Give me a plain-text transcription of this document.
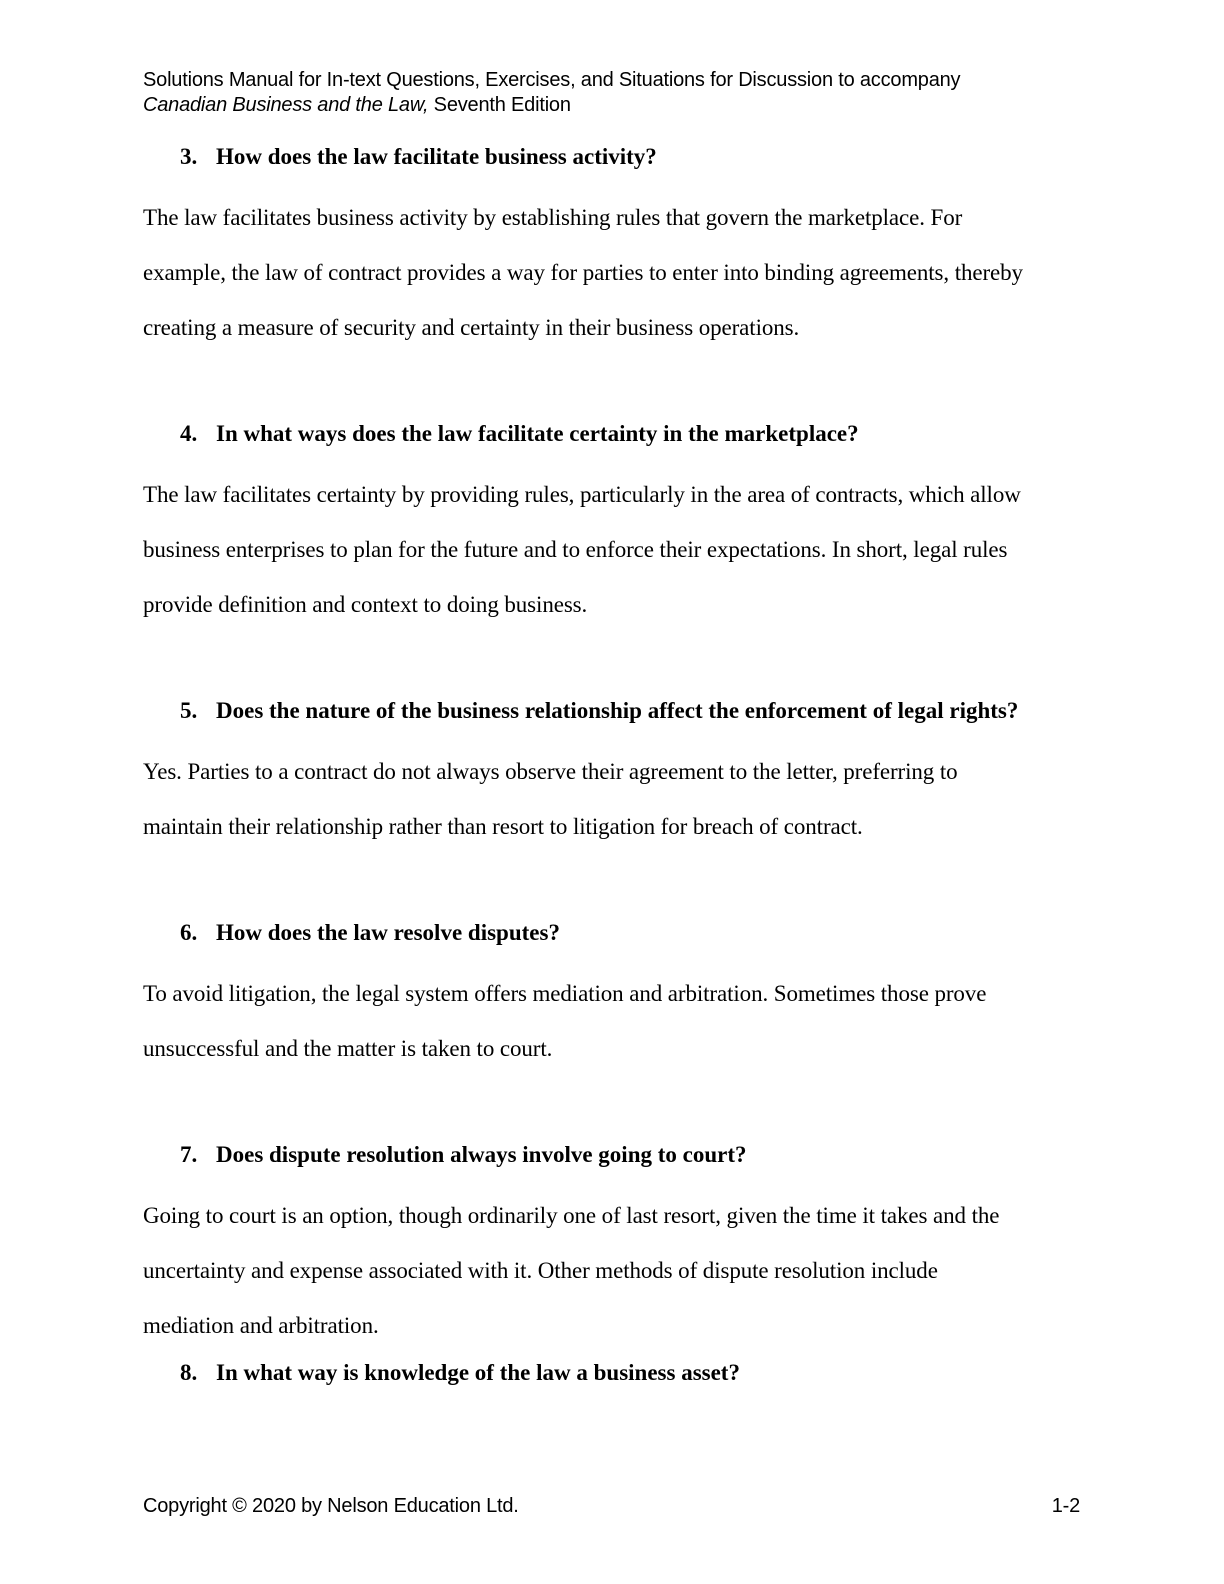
Solutions Manual for In-text Questions, Exercises, and Situations for Discussion to accompany
Canadian Business and the Law, Seventh Edition
3. How does the law facilitate business activity?
The law facilitates business activity by establishing rules that govern the marketplace. For
example, the law of contract provides a way for parties to enter into binding agreements, thereby
creating a measure of security and certainty in their business operations.
4. In what ways does the law facilitate certainty in the marketplace?
The law facilitates certainty by providing rules, particularly in the area of contracts, which allow
business enterprises to plan for the future and to enforce their expectations. In short, legal rules
provide definition and context to doing business.
5. Does the nature of the business relationship affect the enforcement of legal rights?
Yes. Parties to a contract do not always observe their agreement to the letter, preferring to
maintain their relationship rather than resort to litigation for breach of contract.
6. How does the law resolve disputes?
To avoid litigation, the legal system offers mediation and arbitration. Sometimes those prove
unsuccessful and the matter is taken to court.
7. Does dispute resolution always involve going to court?
Going to court is an option, though ordinarily one of last resort, given the time it takes and the
uncertainty and expense associated with it. Other methods of dispute resolution include
mediation and arbitration.
8. In what way is knowledge of the law a business asset?
Copyright © 2020 by Nelson Education Ltd.	1-2
